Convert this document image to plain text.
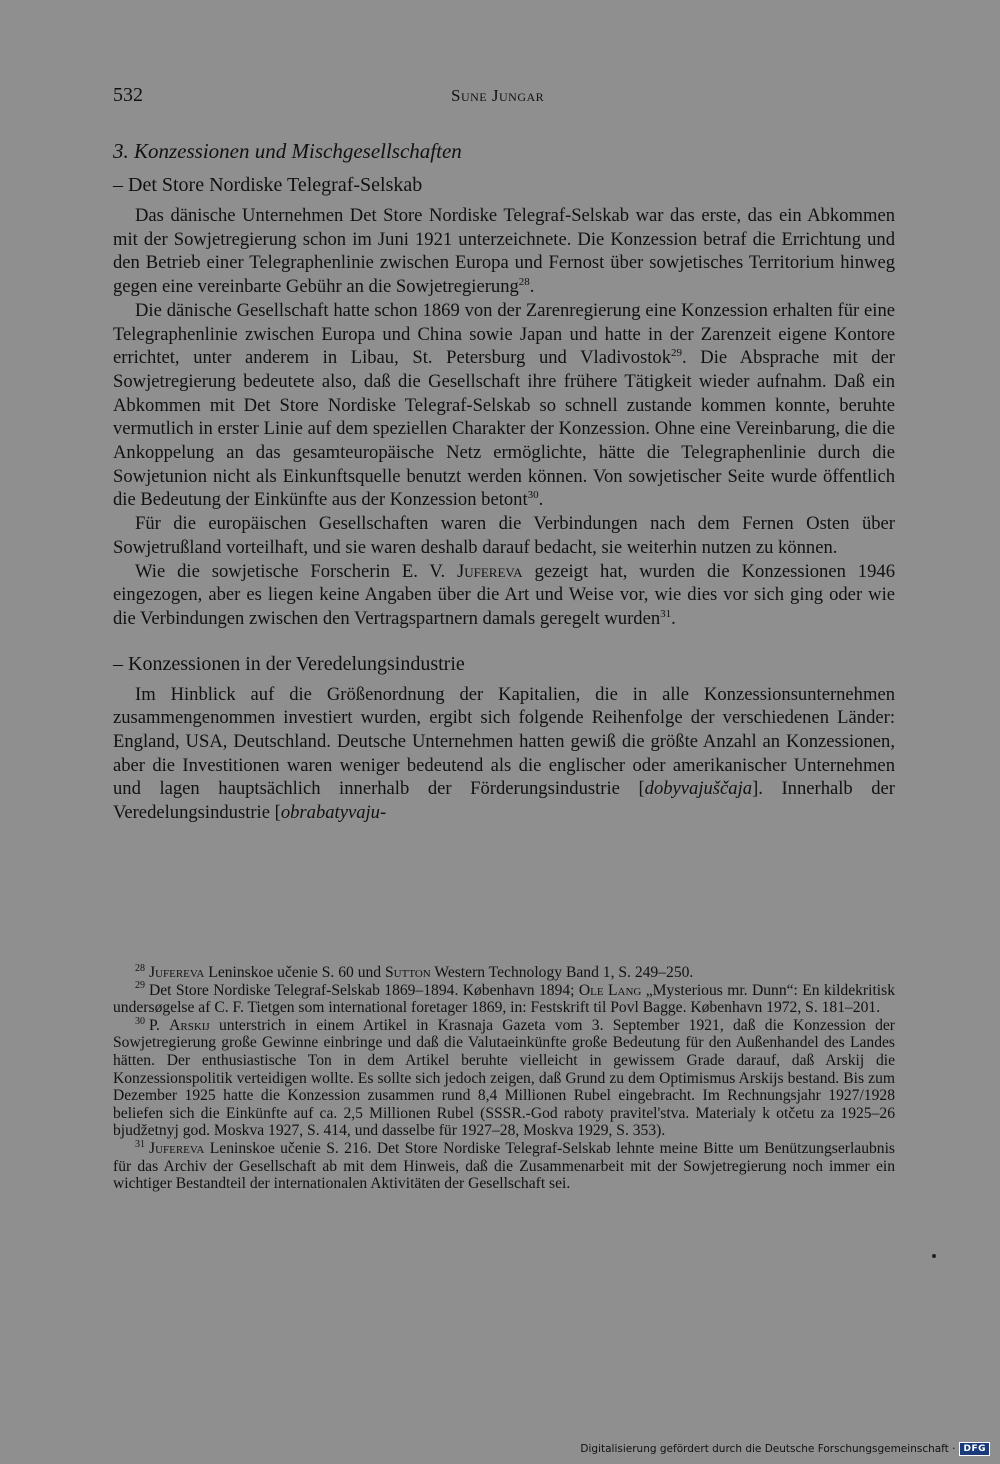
532	Sune Jungar
3. Konzessionen und Mischgesellschaften
– Det Store Nordiske Telegraf-Selskab

Das dänische Unternehmen Det Store Nordiske Telegraf-Selskab war das erste, das ein Abkommen mit der Sowjetregierung schon im Juni 1921 unterzeichnete. Die Konzession betraf die Errichtung und den Betrieb einer Telegraphenlinie zwischen Europa und Fernost über sowjetisches Territorium hinweg gegen eine vereinbarte Gebühr an die Sowjetregierung$^{28}$.

Die dänische Gesellschaft hatte schon 1869 von der Zarenregierung eine Konzession erhalten für eine Telegraphenlinie zwischen Europa und China sowie Japan und hatte in der Zarenzeit eigene Kontore errichtet, unter anderem in Libau, St. Petersburg und Vladivostok$^{29}$. Die Absprache mit der Sowjetregierung bedeutete also, daß die Gesellschaft ihre frühere Tätigkeit wieder aufnahm. Daß ein Abkommen mit Det Store Nordiske Telegraf-Selskab so schnell zustande kommen konnte, beruhte vermutlich in erster Linie auf dem speziellen Charakter der Konzession. Ohne eine Vereinbarung, die die Ankoppelung an das gesamteuropäische Netz ermöglichte, hätte die Telegraphenlinie durch die Sowjetunion nicht als Einkunftsquelle benutzt werden können. Von sowjetischer Seite wurde öffentlich die Bedeutung der Einkünfte aus der Konzession betont$^{30}$.

Für die europäischen Gesellschaften waren die Verbindungen nach dem Fernen Osten über Sowjetrußland vorteilhaft, und sie waren deshalb darauf bedacht, sie weiterhin nutzen zu können.

Wie die sowjetische Forscherin E. V. Jufereva gezeigt hat, wurden die Konzessionen 1946 eingezogen, aber es liegen keine Angaben über die Art und Weise vor, wie dies vor sich ging oder wie die Verbindungen zwischen den Vertragspartnern damals geregelt wurden$^{31}$.

– Konzessionen in der Veredelungsindustrie

Im Hinblick auf die Größenordnung der Kapitalien, die in alle Konzessionsunternehmen zusammengenommen investiert wurden, ergibt sich folgende Reihenfolge der verschiedenen Länder: England, USA, Deutschland. Deutsche Unternehmen hatten gewiß die größte Anzahl an Konzessionen, aber die Investitionen waren weniger bedeutend als die englischer oder amerikanischer Unternehmen und lagen hauptsächlich innerhalb der Förderungsindustrie [dobyvajuščaja]. Innerhalb der Veredelungsindustrie [obrabatyvaju-

$^{28}$ Jufereva Leninskoe učenie S. 60 und Sutton Western Technology Band 1, S. 249–250.

$^{29}$ Det Store Nordiske Telegraf-Selskab 1869–1894. København 1894; Ole Lang „Mysterious mr. Dunn“: En kildekritisk undersøgelse af C. F. Tietgen som international foretager 1869, in: Festskrift til Povl Bagge. København 1972, S. 181–201.

$^{30}$ P. Arskij unterstrich in einem Artikel in Krasnaja Gazeta vom 3. September 1921, daß die Konzession der Sowjetregierung große Gewinne einbringe und daß die Valutaeinkünfte große Bedeutung für den Außenhandel des Landes hätten. Der enthusiastische Ton in dem Artikel beruhte vielleicht in gewissem Grade darauf, daß Arskij die Konzessionspolitik verteidigen wollte. Es sollte sich jedoch zeigen, daß Grund zu dem Optimismus Arskijs bestand. Bis zum Dezember 1925 hatte die Konzession zusammen rund 8,4 Millionen Rubel eingebracht. Im Rechnungsjahr 1927/1928 beliefen sich die Einkünfte auf ca. 2,5 Millionen Rubel (SSSR.-God raboty pravitel'stva. Materialy k otčetu za 1925–26 bjudžetnyj god. Moskva 1927, S. 414, und dasselbe für 1927–28, Moskva 1929, S. 353).

$^{31}$ Jufereva Leninskoe učenie S. 216. Det Store Nordiske Telegraf-Selskab lehnte meine Bitte um Benützungserlaubnis für das Archiv der Gesellschaft ab mit dem Hinweis, daß die Zusammenarbeit mit der Sowjetregierung noch immer ein wichtiger Bestandteil der internationalen Aktivitäten der Gesellschaft sei.

Digitalisierung gefördert durch die Deutsche Forschungsgemeinschaft · DFG
